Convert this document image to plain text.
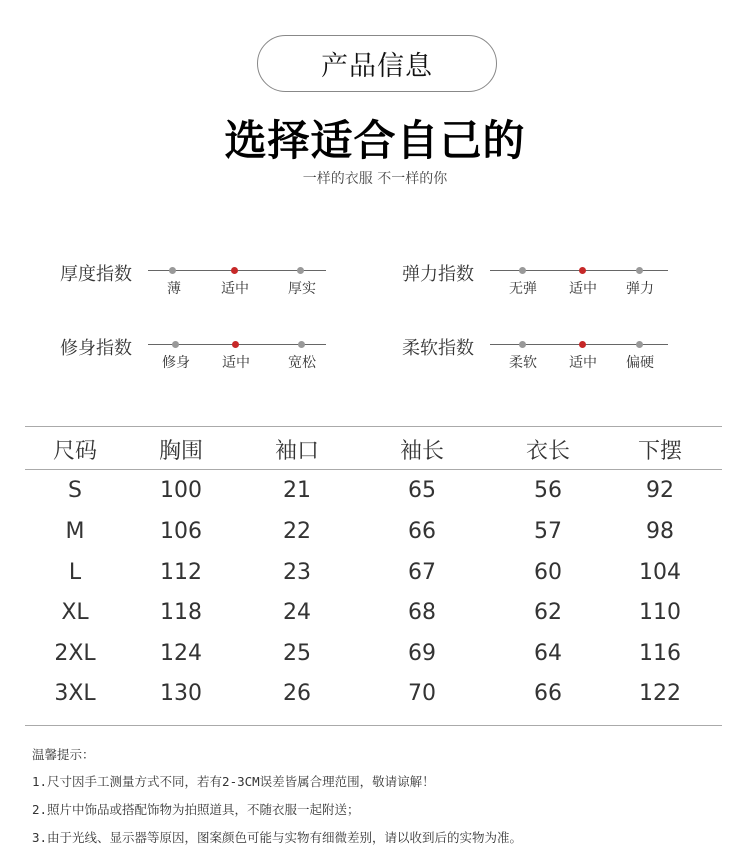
产品信息
选择适合自己的
一样的衣服 不一样的你
厚度指数
薄	适中	厚实
弹力指数
无弹 适中 弹力
修身指数
修身 适中	宽松
柔软指数
柔软 适中 偏硬
尺码	胸围	袖口	袖长	衣长	下摆
S	100	21	65	56	92
M	106	22	66	57	98
L	112	23	67	60	104
XL	118	24	68	62	110
2XL	124	25	69	64	116
3XL	130	26	70	66	122
温馨提示：
1.尺寸因手工测量方式不同，若有2-3CM误差皆属合理范围，敬请谅解！
2.照片中饰品或搭配饰物为拍照道具，不随衣服一起附送；
3.由于光线、显示器等原因，图案颜色可能与实物有细微差别，请以收到后的实物为准。
